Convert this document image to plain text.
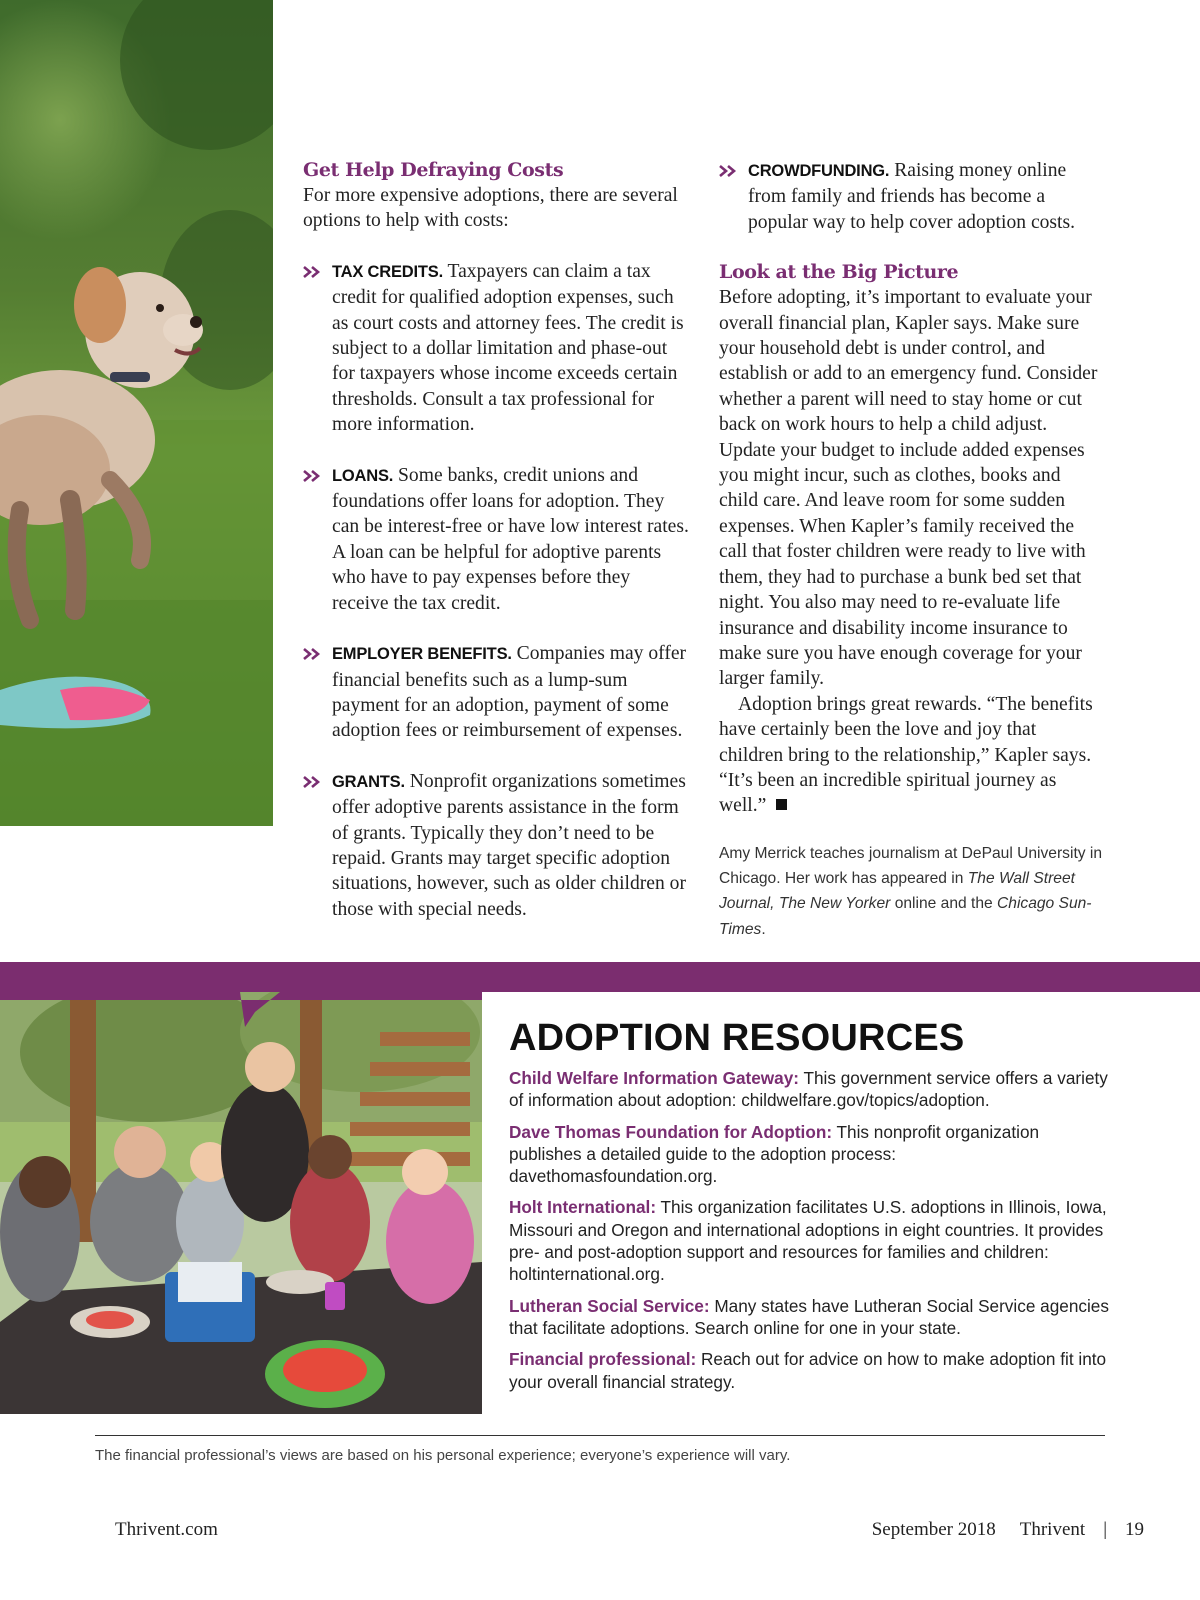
Get Help Defraying Costs

For more expensive adoptions, there are several options to help with costs:

TAX CREDITS. Taxpayers can claim a tax credit for qualified adoption expenses, such as court costs and attorney fees. The credit is subject to a dollar limitation and phase-out for taxpayers whose income exceeds certain thresholds. Consult a tax professional for more information.

LOANS. Some banks, credit unions and foundations offer loans for adoption. They can be interest-free or have low interest rates. A loan can be helpful for adoptive parents who have to pay expenses before they receive the tax credit.

EMPLOYER BENEFITS. Companies may offer financial benefits such as a lump-sum payment for an adoption, payment of some adoption fees or reimbursement of expenses.

GRANTS. Nonprofit organizations sometimes offer adoptive parents assistance in the form of grants. Typically they don’t need to be repaid. Grants may target specific adoption situations, however, such as older children or those with special needs.

CROWDFUNDING. Raising money online from family and friends has become a popular way to help cover adoption costs.

Look at the Big Picture

Before adopting, it’s important to evaluate your overall financial plan, Kapler says. Make sure your household debt is under control, and establish or add to an emergency fund. Consider whether a parent will need to stay home or cut back on work hours to help a child adjust. Update your budget to include added expenses you might incur, such as clothes, books and child care. And leave room for some sudden expenses. When Kapler’s family received the call that foster children were ready to live with them, they had to purchase a bunk bed set that night. You also may need to re-evaluate life insurance and disability income insurance to make sure you have enough coverage for your larger family.

Adoption brings great rewards. “The benefits have certainly been the love and joy that children bring to the relationship,” Kapler says. “It’s been an incredible spiritual journey as well.”

Amy Merrick teaches journalism at DePaul University in Chicago. Her work has appeared in The Wall Street Journal, The New Yorker online and the Chicago Sun-Times.
ADOPTION RESOURCES
Child Welfare Information Gateway: This government service offers a variety of information about adoption: childwelfare.gov/topics/adoption.
Dave Thomas Foundation for Adoption: This nonprofit organization publishes a detailed guide to the adoption process: davethomasfoundation.org.
Holt International: This organization facilitates U.S. adoptions in Illinois, Iowa, Missouri and Oregon and international adoptions in eight countries. It provides pre- and post-adoption support and resources for families and children: holtinternational.org.
Lutheran Social Service: Many states have Lutheran Social Service agencies that facilitate adoptions. Search online for one in your state.
Financial professional: Reach out for advice on how to make adoption fit into your overall financial strategy.
The financial professional’s views are based on his personal experience; everyone’s experience will vary.
Thrivent.com	September 2018 Thrivent | 19
